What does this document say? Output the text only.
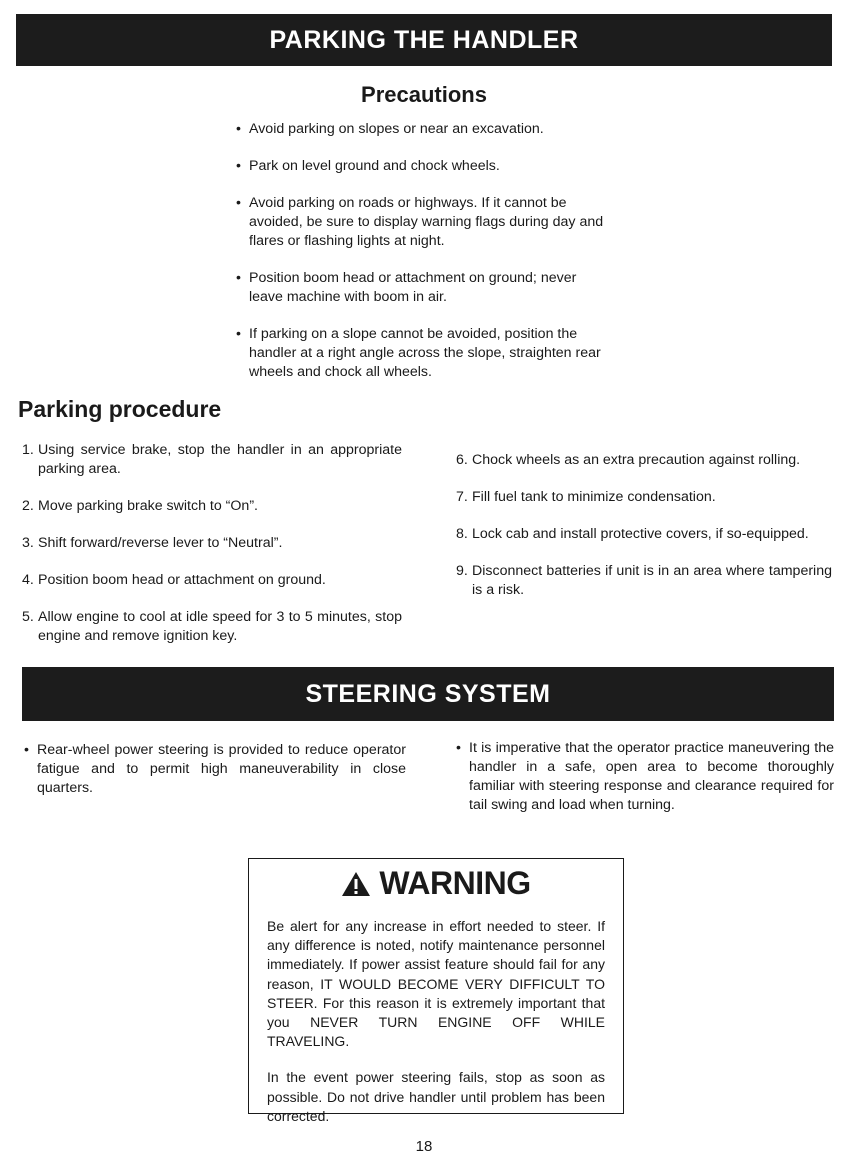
PARKING THE HANDLER
Precautions
• Avoid parking on slopes or near an excavation.
• Park on level ground and chock wheels.
• Avoid parking on roads or highways. If it cannot be avoided, be sure to display warning flags during day and flares or flashing lights at night.
• Position boom head or attachment on ground; never leave machine with boom in air.
• If parking on a slope cannot be avoided, position the handler at a right angle across the slope, straighten rear wheels and chock all wheels.
Parking procedure
1. Using service brake, stop the handler in an appropriate parking area.
2. Move parking brake switch to “On”.
3. Shift forward/reverse lever to “Neutral”.
4. Position boom head or attachment on ground.
5. Allow engine to cool at idle speed for 3 to 5 minutes, stop engine and remove ignition key.
6. Chock wheels as an extra precaution against rolling.
7. Fill fuel tank to minimize condensation.
8. Lock cab and install protective covers, if so-equipped.
9. Disconnect batteries if unit is in an area where tampering is a risk.
STEERING SYSTEM
• Rear-wheel power steering is provided to reduce operator fatigue and to permit high maneuverability in close quarters.
• It is imperative that the operator practice maneuvering the handler in a safe, open area to become thoroughly familiar with steering response and clearance required for tail swing and load when turning.
WARNING

Be alert for any increase in effort needed to steer. If any difference is noted, notify maintenance personnel immediately. If power assist feature should fail for any reason, IT WOULD BECOME VERY DIFFICULT TO STEER. For this reason it is extremely important that you NEVER TURN ENGINE OFF WHILE TRAVELING.

In the event power steering fails, stop as soon as possible. Do not drive handler until problem has been corrected.

18
